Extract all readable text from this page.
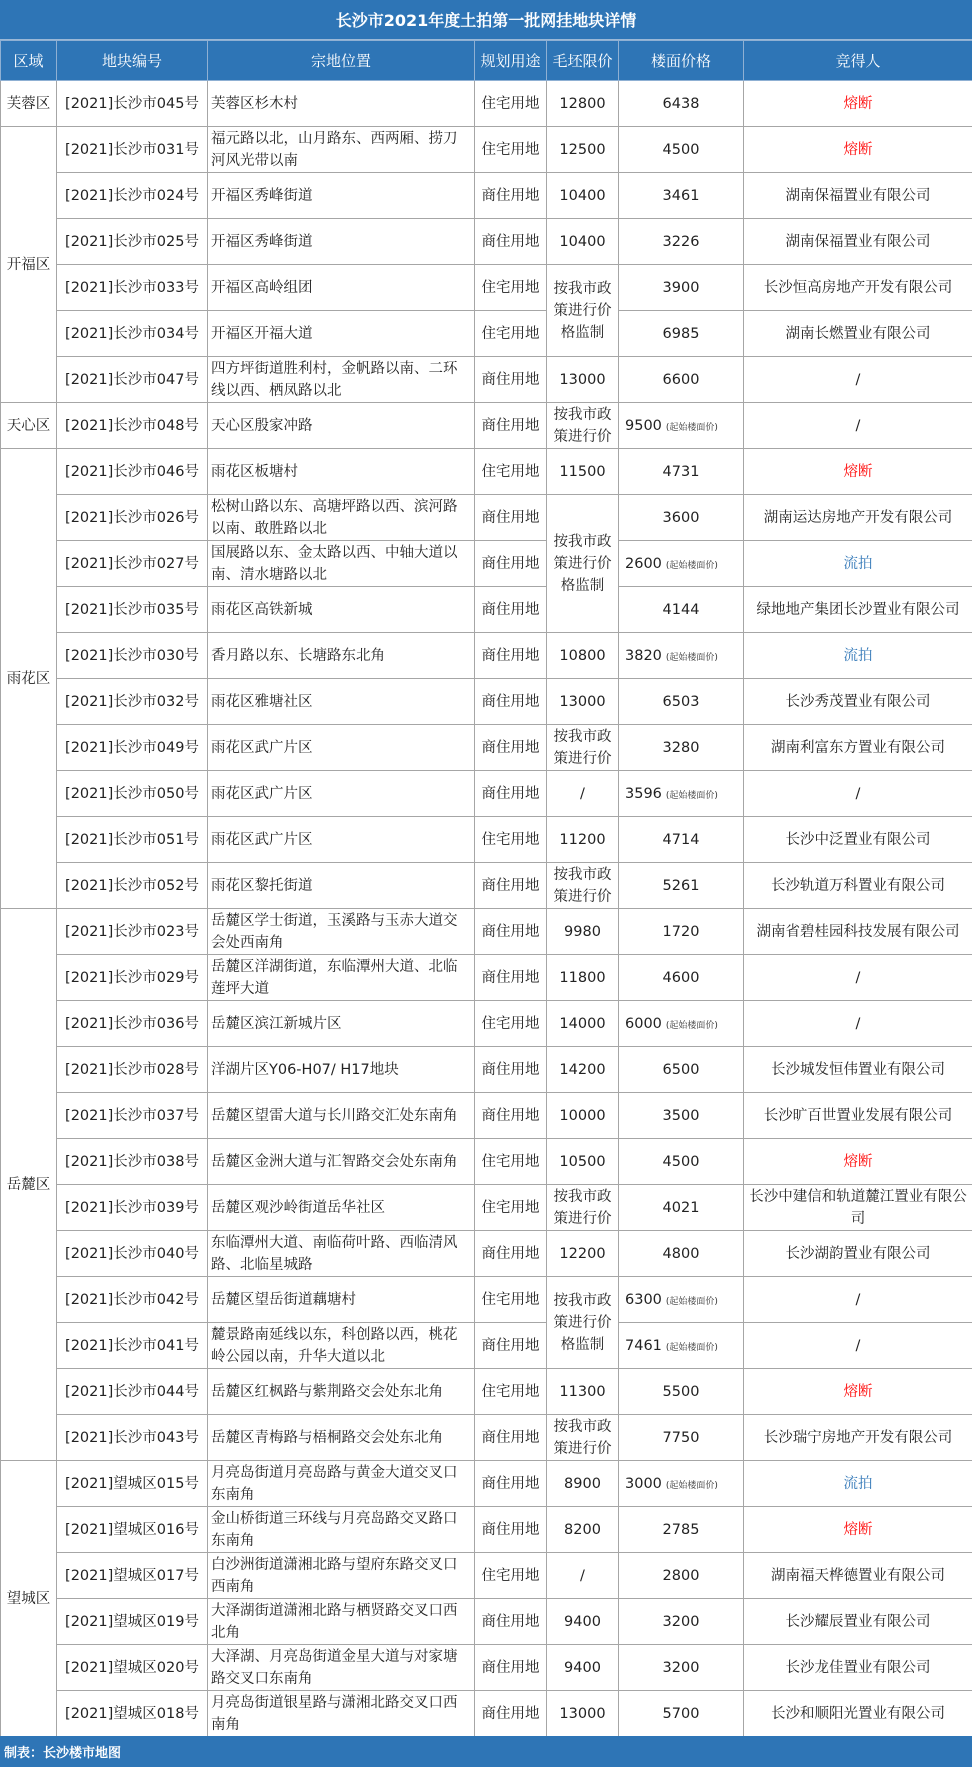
长沙市2021年度土拍第一批网挂地块详情
区域	地块编号	宗地位置	规划用途	毛坯限价	楼面价格	竞得人

芙蓉区	[2021]长沙市045号	芙蓉区杉木村	住宅用地	12800	6438	熔断

开福区	[2021]长沙市031号	福元路以北，山月路东、西两厢、捞刀河风光带以南	住宅用地	12500	4500	熔断

	[2021]长沙市024号	开福区秀峰街道	商住用地	10400	3461	湖南保福置业有限公司

	[2021]长沙市025号	开福区秀峰街道	商住用地	10400	3226	湖南保福置业有限公司

	[2021]长沙市033号	开福区高岭组团	住宅用地	按我市政策进行价格监制	3900	长沙恒高房地产开发有限公司

	[2021]长沙市034号	开福区开福大道	住宅用地		6985	湖南长燃置业有限公司

	[2021]长沙市047号	四方坪街道胜利村，金帆路以南、二环线以西、栖凤路以北	商住用地	13000	6600	/

天心区	[2021]长沙市048号	天心区殷家冲路	商住用地	按我市政策进行价	9500 (起始楼面价)	/

雨花区	[2021]长沙市046号	雨花区板塘村	住宅用地	11500	4731	熔断

	[2021]长沙市026号	松树山路以东、高塘坪路以西、滨河路以南、敢胜路以北	商住用地	按我市政策进行价格监制	3600	湖南运达房地产开发有限公司

	[2021]长沙市027号	国展路以东、金太路以西、中轴大道以南、清水塘路以北	商住用地		2600 (起始楼面价)	流拍

	[2021]长沙市035号	雨花区高铁新城	商住用地		4144	绿地地产集团长沙置业有限公司

	[2021]长沙市030号	香月路以东、长塘路东北角	商住用地	10800	3820 (起始楼面价)	流拍

	[2021]长沙市032号	雨花区雅塘社区	商住用地	13000	6503	长沙秀茂置业有限公司

	[2021]长沙市049号	雨花区武广片区	商住用地	按我市政策进行价	3280	湖南利富东方置业有限公司

	[2021]长沙市050号	雨花区武广片区	商住用地	/	3596 (起始楼面价)	/

	[2021]长沙市051号	雨花区武广片区	住宅用地	11200	4714	长沙中泛置业有限公司

	[2021]长沙市052号	雨花区黎托街道	商住用地	按我市政策进行价	5261	长沙轨道万科置业有限公司

岳麓区	[2021]长沙市023号	岳麓区学士街道，玉溪路与玉赤大道交会处西南角	商住用地	9980	1720	湖南省碧桂园科技发展有限公司

	[2021]长沙市029号	岳麓区洋湖街道，东临潭州大道、北临莲坪大道	商住用地	11800	4600	/

	[2021]长沙市036号	岳麓区滨江新城片区	住宅用地	14000	6000 (起始楼面价)	/

	[2021]长沙市028号	洋湖片区Y06-H07/ H17地块	商住用地	14200	6500	长沙城发恒伟置业有限公司

	[2021]长沙市037号	岳麓区望雷大道与长川路交汇处东南角	商住用地	10000	3500	长沙旷百世置业发展有限公司

	[2021]长沙市038号	岳麓区金洲大道与汇智路交会处东南角	住宅用地	10500	4500	熔断

	[2021]长沙市039号	岳麓区观沙岭街道岳华社区	住宅用地	按我市政策进行价	4021	长沙中建信和轨道麓江置业有限公司

	[2021]长沙市040号	东临潭州大道、南临荷叶路、西临清风路、北临星城路	商住用地	12200	4800	长沙湖韵置业有限公司

	[2021]长沙市042号	岳麓区望岳街道藕塘村	住宅用地	按我市政策进行价格监制	6300 (起始楼面价)	/

	[2021]长沙市041号	麓景路南延线以东，科创路以西，桃花岭公园以南，升华大道以北	商住用地		7461 (起始楼面价)	/

	[2021]长沙市044号	岳麓区红枫路与紫荆路交会处东北角	住宅用地	11300	5500	熔断

	[2021]长沙市043号	岳麓区青梅路与梧桐路交会处东北角	商住用地	按我市政策进行价	7750	长沙瑞宁房地产开发有限公司

望城区	[2021]望城区015号	月亮岛街道月亮岛路与黄金大道交叉口东南角	商住用地	8900	3000 (起始楼面价)	流拍

	[2021]望城区016号	金山桥街道三环线与月亮岛路交叉路口东南角	商住用地	8200	2785	熔断

	[2021]望城区017号	白沙洲街道潇湘北路与望府东路交叉口西南角	住宅用地	/	2800	湖南福天桦德置业有限公司

	[2021]望城区019号	大泽湖街道潇湘北路与栖贤路交叉口西北角	商住用地	9400	3200	长沙耀辰置业有限公司

	[2021]望城区020号	大泽湖、月亮岛街道金星大道与对家塘路交叉口东南角	商住用地	9400	3200	长沙龙佳置业有限公司

	[2021]望城区018号	月亮岛街道银星路与潇湘北路交叉口西南角	商住用地	13000	5700	长沙和顺阳光置业有限公司
制表：长沙楼市地图
